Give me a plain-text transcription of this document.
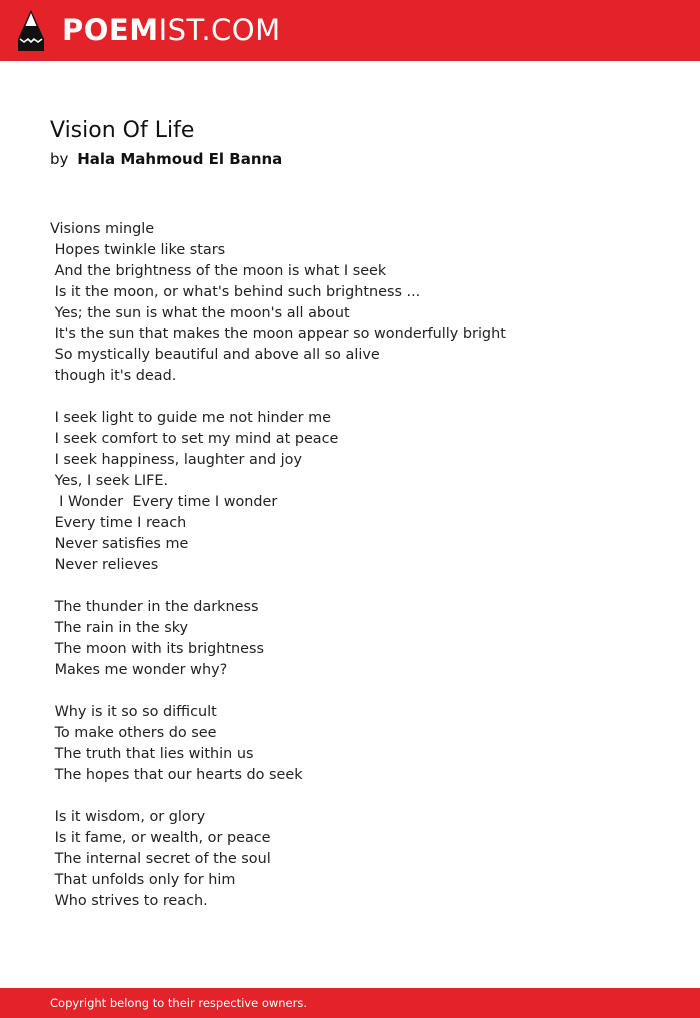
POEMIST.COM
Vision Of Life
by Hala Mahmoud El Banna
Visions mingle
Hopes twinkle like stars
And the brightness of the moon is what I seek
Is it the moon, or what's behind such brightness ...
Yes; the sun is what the moon's all about
It's the sun that makes the moon appear so wonderfully bright
So mystically beautiful and above all so alive
though it's dead.
I seek light to guide me not hinder me
I seek comfort to set my mind at peace
I seek happiness, laughter and joy
Yes, I seek LIFE.
I Wonder  Every time I wonder
Every time I reach
Never satisfies me
Never relieves
The thunder in the darkness
The rain in the sky
The moon with its brightness
Makes me wonder why?
Why is it so so difficult
To make others do see
The truth that lies within us
The hopes that our hearts do seek
Is it wisdom, or glory
Is it fame, or wealth, or peace
The internal secret of the soul
That unfolds only for him
Who strives to reach.
Copyright belong to their respective owners.
